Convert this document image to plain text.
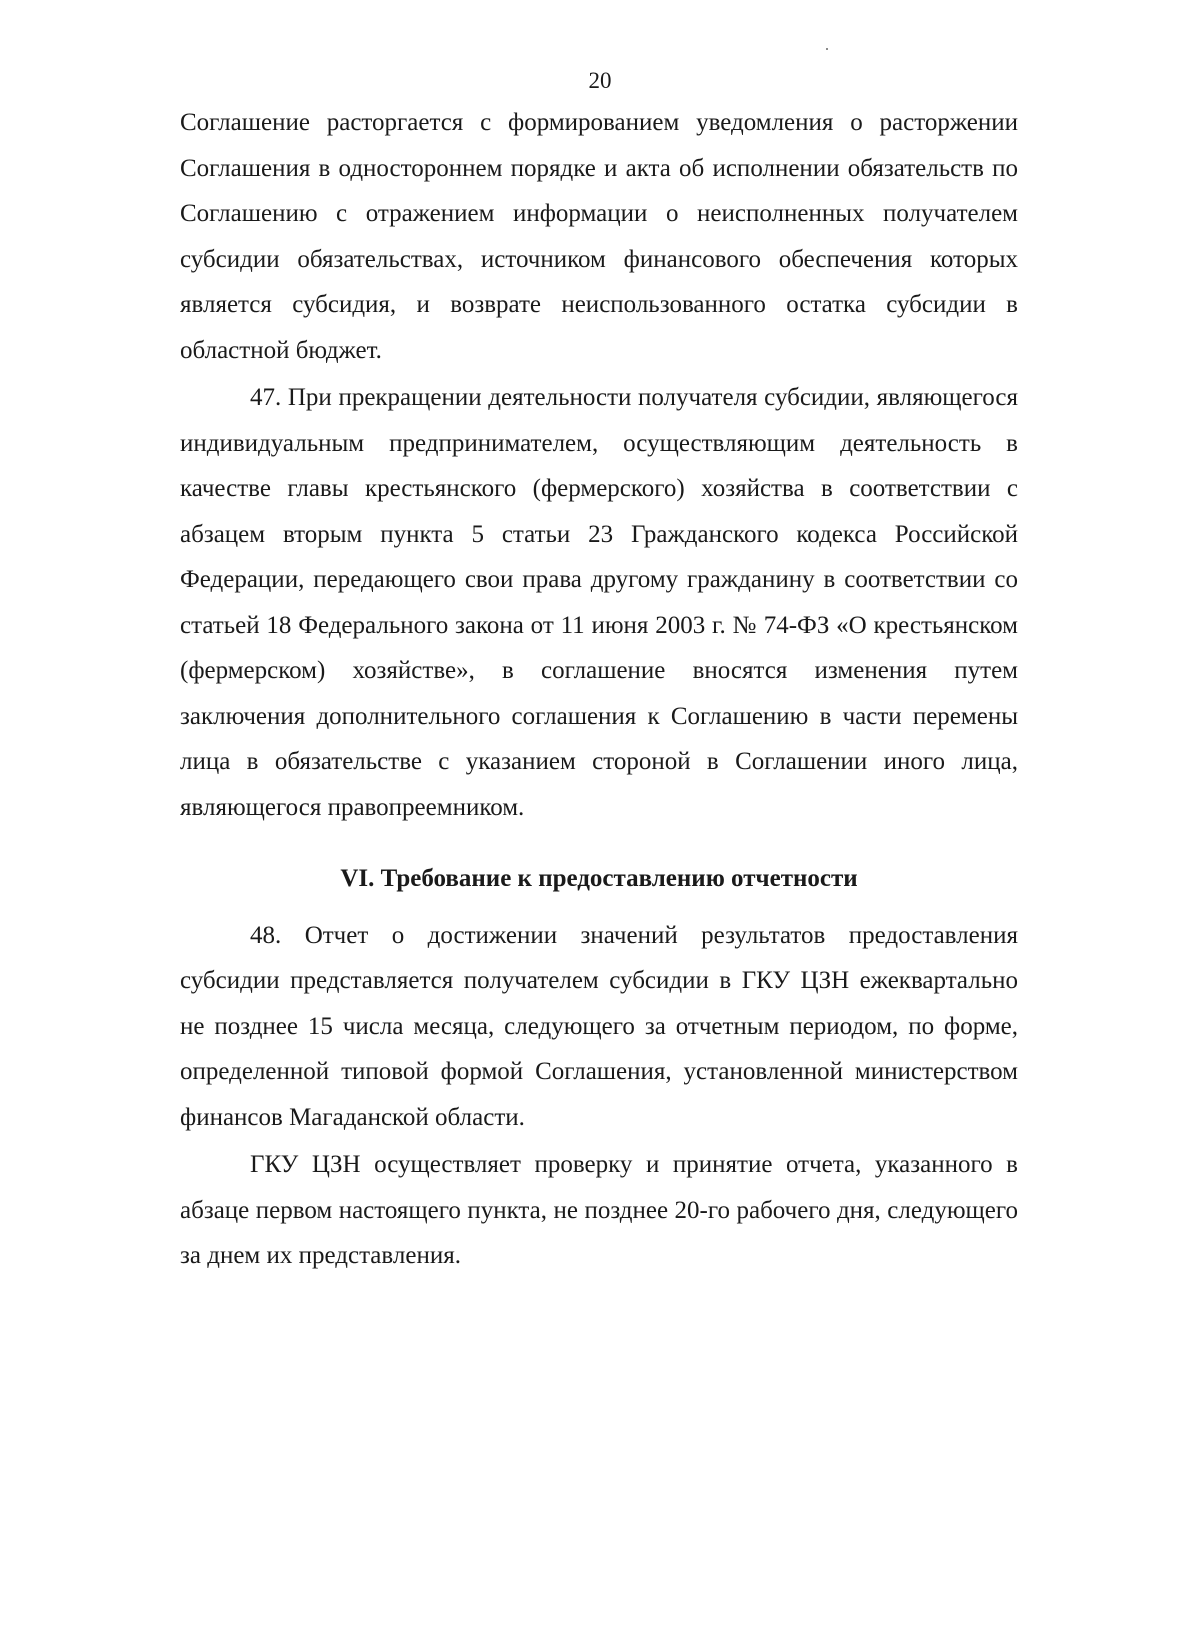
20

Соглашение расторгается с формированием уведомления о расторжении Соглашения в одностороннем порядке и акта об исполнении обязательств по Соглашению с отражением информации о неисполненных получателем субсидии обязательствах, источником финансового обеспечения которых является субсидия, и возврате неиспользованного остатка субсидии в областной бюджет.

47. При прекращении деятельности получателя субсидии, являющегося индивидуальным предпринимателем, осуществляющим деятельность в качестве главы крестьянского (фермерского) хозяйства в соответствии с абзацем вторым пункта 5 статьи 23 Гражданского кодекса Российской Федерации, передающего свои права другому гражданину в соответствии со статьей 18 Федерального закона от 11 июня 2003 г. № 74-ФЗ «О крестьянском (фермерском) хозяйстве», в соглашение вносятся изменения путем заключения дополнительного соглашения к Соглашению в части перемены лица в обязательстве с указанием стороной в Соглашении иного лица, являющегося правопреемником.

VI. Требование к предоставлению отчетности

48. Отчет о достижении значений результатов предоставления субсидии представляется получателем субсидии в ГКУ ЦЗН ежеквартально не позднее 15 числа месяца, следующего за отчетным периодом, по форме, определенной типовой формой Соглашения, установленной министерством финансов Магаданской области.

ГКУ ЦЗН осуществляет проверку и принятие отчета, указанного в абзаце первом настоящего пункта, не позднее 20-го рабочего дня, следующего за днем их представления.
